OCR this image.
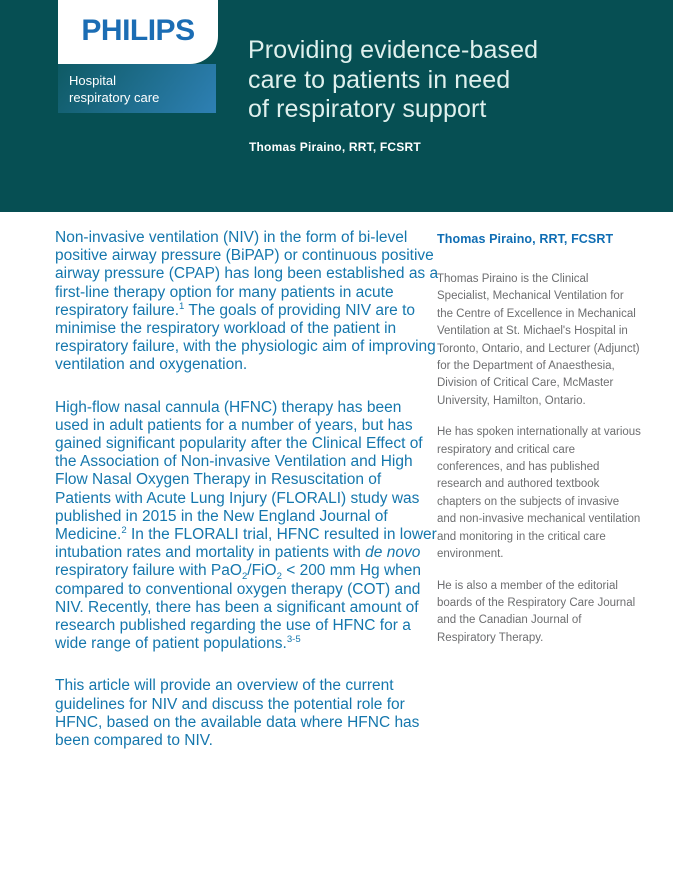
PHILIPS
Hospital
respiratory care
Providing evidence-based
care to patients in need
of respiratory support
Thomas Piraino, RRT, FCSRT

Non-invasive ventilation (NIV) in the form of bi-level positive airway pressure (BiPAP) or continuous positive airway pressure (CPAP) has long been established as a first-line therapy option for many patients in acute respiratory failure.$^1$ The goals of providing NIV are to minimise the respiratory workload of the patient in respiratory failure, with the physiologic aim of improving ventilation and oxygenation.

High-flow nasal cannula (HFNC) therapy has been used in adult patients for a number of years, but has gained significant popularity after the Clinical Effect of the Association of Non-invasive Ventilation and High Flow Nasal Oxygen Therapy in Resuscitation of Patients with Acute Lung Injury (FLORALI) study was published in 2015 in the New England Journal of Medicine.$^2$ In the FLORALI trial, HFNC resulted in lower intubation rates and mortality in patients with de novo respiratory failure with PaO$_2$/FiO$_2$ < 200 mm Hg when compared to conventional oxygen therapy (COT) and NIV. Recently, there has been a significant amount of research published regarding the use of HFNC for a wide range of patient populations.$^{3-5}$

This article will provide an overview of the current guidelines for NIV and discuss the potential role for HFNC, based on the available data where HFNC has been compared to NIV.

Thomas Piraino, RRT, FCSRT

Thomas Piraino is the Clinical Specialist, Mechanical Ventilation for the Centre of Excellence in Mechanical Ventilation at St. Michael's Hospital in Toronto, Ontario, and Lecturer (Adjunct) for the Department of Anaesthesia, Division of Critical Care, McMaster University, Hamilton, Ontario.

He has spoken internationally at various respiratory and critical care conferences, and has published research and authored textbook chapters on the subjects of invasive and non-invasive mechanical ventilation and monitoring in the critical care environment.

He is also a member of the editorial boards of the Respiratory Care Journal and the Canadian Journal of Respiratory Therapy.
